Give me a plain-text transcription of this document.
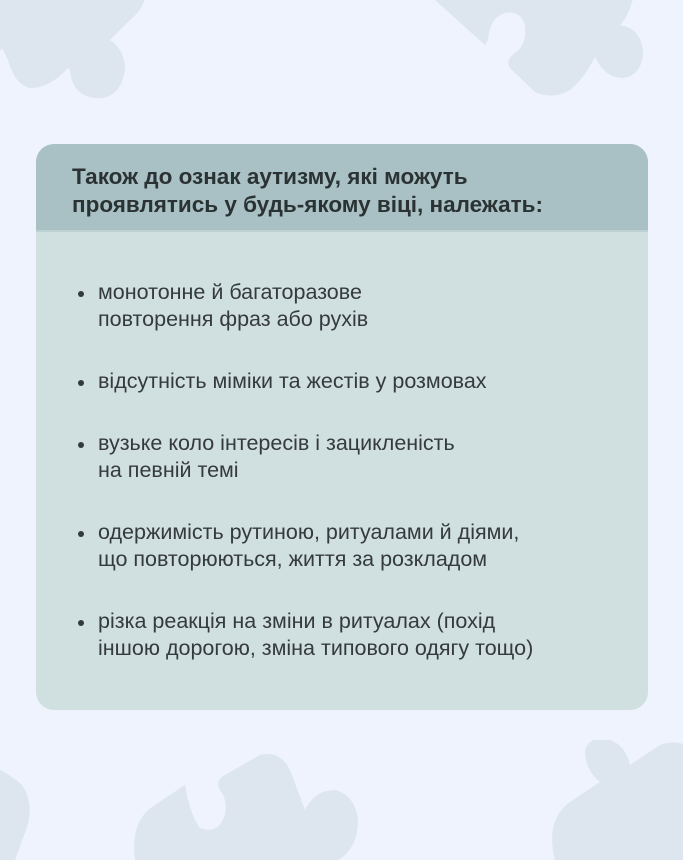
Також до ознак аутизму, які можуть
проявлятись у будь-якому віці, належать:
монотонне й багаторазове
повторення фраз або рухів
відсутність міміки та жестів у розмовах
вузьке коло інтересів і зацикленість
на певній темі
одержимість рутиною, ритуалами й діями,
що повторюються, життя за розкладом
різка реакція на зміни в ритуалах (похід
іншою дорогою, зміна типового одягу тощо)
